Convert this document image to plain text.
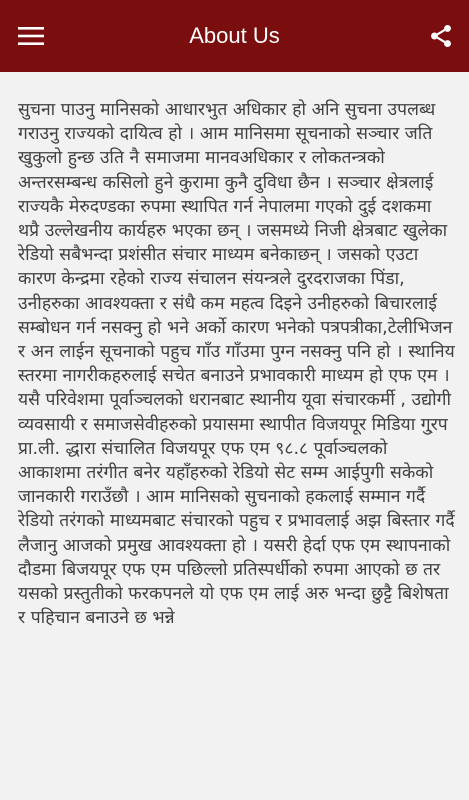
About Us

सुचना पाउनु मानिसको आधारभुत अधिकार हो अनि सुचना उपलब्ध गराउनु राज्यको दायित्व हो । आम मानिसमा सूचनाको सञ्चार जति खुकुलो हुन्छ उति नै समाजमा मानवअधिकार र लोकतन्त्रको अन्तरसम्बन्ध कसिलो हुने कुरामा कुनै दुविधा छैन । सञ्चार क्षेत्रलाई राज्यकै मेरुदण्डका रुपमा स्थापित गर्न नेपालमा गएको दुई दशकमा थप्रै उल्लेखनीय कार्यहरु भएका छन् । जसमध्ये निजी क्षेत्रबाट खुलेका रेडियो सबैभन्दा प्रशंसीत संचार माध्यम बनेकाछन् । जसको एउटा कारण केन्द्रमा रहेको राज्य संचालन संयन्त्रले दुरदराजका पिंडा, उनीहरुका आवश्यक्ता र संधै कम महत्व दिइने उनीहरुको बिचारलाई सम्बोधन गर्न नसक्नु हो भने अर्को कारण भनेको पत्रपत्रीका,टेलीभिजन र अन लाईन सूचनाको पहुच गाँउ गाँउमा पुग्न नसक्नु पनि हो । स्थानिय स्तरमा नागरीकहरुलाई सचेत बनाउने प्रभावकारी माध्यम हो एफ एम । यसै परिवेशमा पूर्वाञ्चलको धरानबाट स्थानीय यूवा संचारकर्मी , उद्योगी व्यवसायी र समाजसेवीहरुको प्रयासमा स्थापीत विजयपूर मिडिया गु्रप प्रा.ली. द्धारा संचालित विजयपूर एफ एम ९८.८ पूर्वाञ्चलको आकाशमा तरंगीत बनेर यहाँहरुको रेडियो सेट सम्म आईपुगी सकेको जानकारी गराउँछौ । आम मानिसको सुचनाको हकलाई सम्मान गर्दै रेडियो तरंगको माध्यमबाट संचारको पहुच र प्रभावलाई अझ बिस्तार गर्दै लैजानु आजको प्रमुख आवश्यक्ता हो । यसरी हेर्दा एफ एम स्थापनाको दौडमा बिजयपूर एफ एम पछिल्लो प्रतिस्पर्धीको रुपमा आएको छ तर यसको प्रस्तुतीको फरकपनले यो एफ एम लाई अरु भन्दा छुट्टै बिशेषता र पहिचान बनाउने छ भन्ने
